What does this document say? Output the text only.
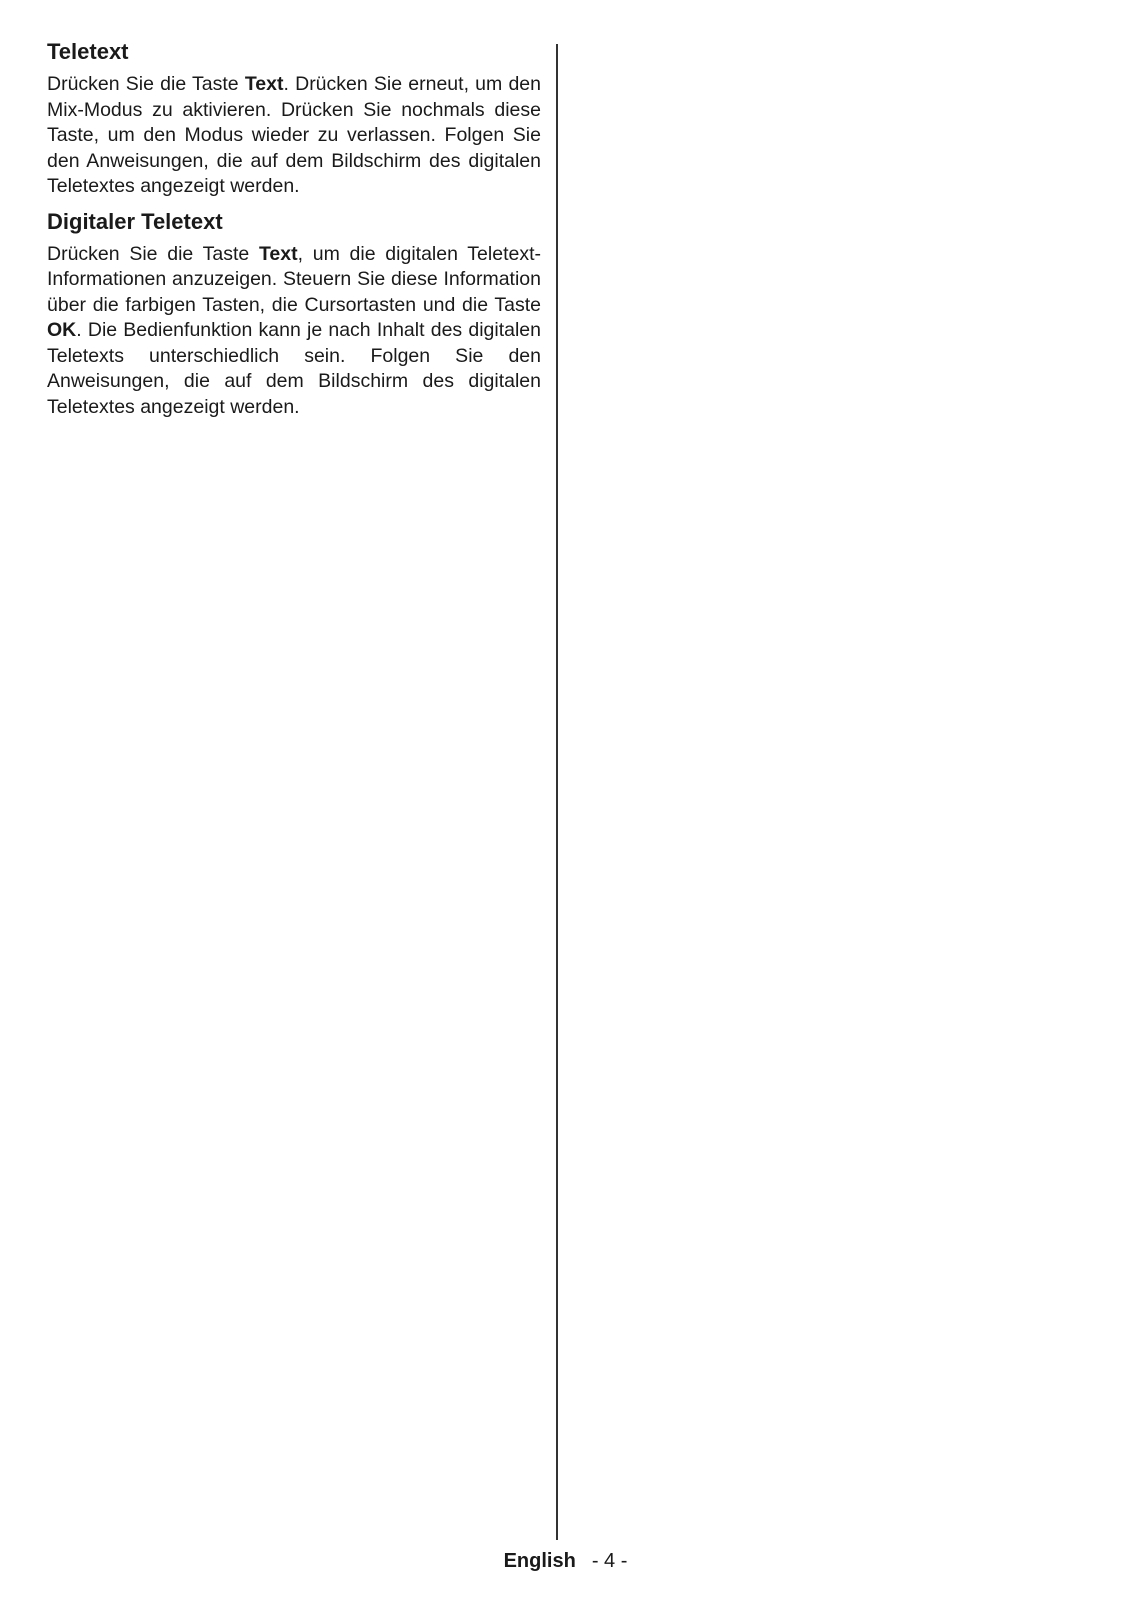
Teletext

Drücken Sie die Taste Text. Drücken Sie erneut, um den Mix-Modus zu aktivieren. Drücken Sie nochmals diese Taste, um den Modus wieder zu verlassen. Folgen Sie den Anweisungen, die auf dem Bildschirm des digitalen Teletextes angezeigt werden.

Digitaler Teletext

Drücken Sie die Taste Text, um die digitalen Teletext-Informationen anzuzeigen. Steuern Sie diese Information über die farbigen Tasten, die Cursortasten und die Taste OK. Die Bedienfunktion kann je nach Inhalt des digitalen Teletexts unterschiedlich sein. Folgen Sie den Anweisungen, die auf dem Bildschirm des digitalen Teletextes angezeigt werden.

English - 4 -
